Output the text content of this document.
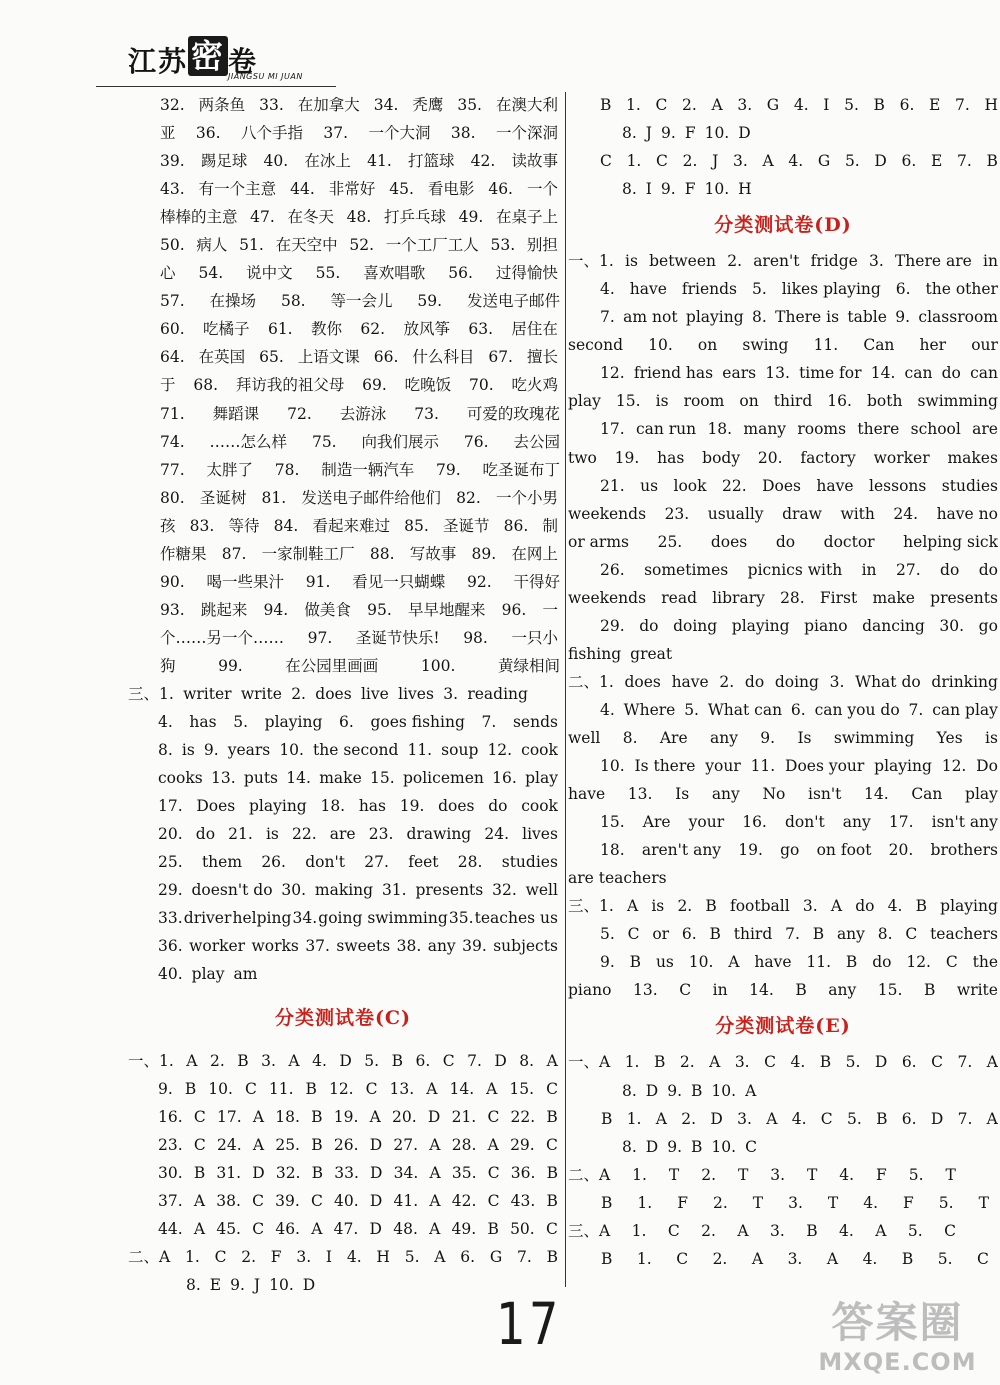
江苏密 卷
JIANGSU MI JUAN
32. 两条鱼 33. 在加拿大 34. 秃鹰 35. 在澳大利
亚 36. 八个手指 37. 一个大洞 38. 一个深洞
39. 踢足球 40. 在冰上 41. 打篮球 42. 读故事
43. 有一个主意 44. 非常好 45. 看电影 46. 一个
棒棒的主意 47. 在冬天 48. 打乒乓球 49. 在桌子上
50. 病人 51. 在天空中 52. 一个工厂工人 53. 别担
心 54. 说中文 55. 喜欢唱歌 56. 过得愉快
57. 在操场 58. 等一会儿 59. 发送电子邮件
60. 吃橘子 61. 教你 62. 放风筝 63. 居住在
64. 在英国 65. 上语文课 66. 什么科目 67. 擅长
于 68. 拜访我的祖父母 69. 吃晚饭 70. 吃火鸡
71. 舞蹈课 72. 去游泳 73. 可爱的玫瑰花
74. ……怎么样 75. 向我们展示 76. 去公园
77. 太胖了 78. 制造一辆汽车 79. 吃圣诞布丁
80. 圣诞树 81. 发送电子邮件给他们 82. 一个小男
孩 83. 等待 84. 看起来难过 85. 圣诞节 86. 制
作糖果 87. 一家制鞋工厂 88. 写故事 89. 在网上
90. 喝一些果汁 91. 看见一只蝴蝶 92. 干得好
93. 跳起来 94. 做美食 95. 早早地醒来 96. 一
个……另一个…… 97. 圣诞节快乐! 98. 一只小
狗	99.	在公园里画画	100.	黄绿相间
三、1. writer write 2. does live lives 3. reading
4. has 5. playing 6. goes fishing 7. sends
8. is 9. years 10. the second 11. soup 12. cook
cooks 13. puts 14. make 15. policemen 16. play
17. Does playing 18. has 19. does do cook
20. do 21. is 22. are 23. drawing 24. lives
25. them 26. don't 27. feet 28. studies
29. doesn't do 30. making 31. presents 32. well
33. driver helping 34. going swimming 35. teaches us
36. worker works 37. sweets 38. any 39. subjects
40. play am
分类测试卷(C)
一、1. A 2. B 3. A 4. D 5. B 6. C 7. D 8. A
9. B 10. C 11. B 12. C 13. A 14. A 15. C
16. C 17. A 18. B 19. A 20. D 21. C 22. B
23. C 24. A 25. B 26. D 27. A 28. A 29. C
30. B 31. D 32. B 33. D 34. A 35. C 36. B
37. A 38. C 39. C 40. D 41. A 42. C 43. B
44. A 45. C 46. A 47. D 48. A 49. B 50. C
二、A 1. C 2. F 3. I 4. H 5. A 6. G 7. B
8. E 9. J 10. D
B 1. C 2. A 3. G 4. I 5. B 6. E 7. H
8. J 9. F 10. D
C 1. C 2. J 3. A 4. G 5. D 6. E 7. B
8. I 9. F 10. H
分类测试卷(D)
一、1. is between 2. aren't fridge 3. There are in
4. have friends 5. likes playing 6. the other
7. am not playing 8. There is table 9. classroom
second 10. on swing 11. Can her our
12. friend has ears 13. time for 14. can do can
play 15. is room on third 16. both swimming
17. can run 18. many rooms there school are
two 19. has body 20. factory worker makes
21. us look 22. Does have lessons studies
weekends 23. usually draw with 24. have no
or arms 25. does do doctor helping sick
26. sometimes picnics with in 27. do do
weekends read library 28. First make presents
29. do doing playing piano dancing 30. go
fishing great
二、1. does have 2. do doing 3. What do drinking
4. Where 5. What can 6. can you do 7. can play
well 8. Are any 9. Is swimming Yes is
10. Is there your 11. Does your playing 12. Do
have 13. Is any No isn't 14. Can play
15. Are your 16. don't any 17. isn't any
18. aren't any 19. go on foot 20. brothers
are teachers
三、1. A is 2. B football 3. A do 4. B playing
5. C or 6. B third 7. B any 8. C teachers
9. B us 10. A have 11. B do 12. C the
piano 13. C in 14. B any 15. B write
分类测试卷(E)
一、A 1. B 2. A 3. C 4. B 5. D 6. C 7. A
8. D 9. B 10. A
B 1. A 2. D 3. A 4. C 5. B 6. D 7. A
8. D 9. B 10. C
二、A 1. T 2. T 3. T 4. F 5. T
B 1. F 2. T 3. T 4. F 5. T
三、A 1. C 2. A 3. B 4. A 5. C
B 1. C 2. A 3. A 4. B 5. C
17	答案圈
MXQE.COM
